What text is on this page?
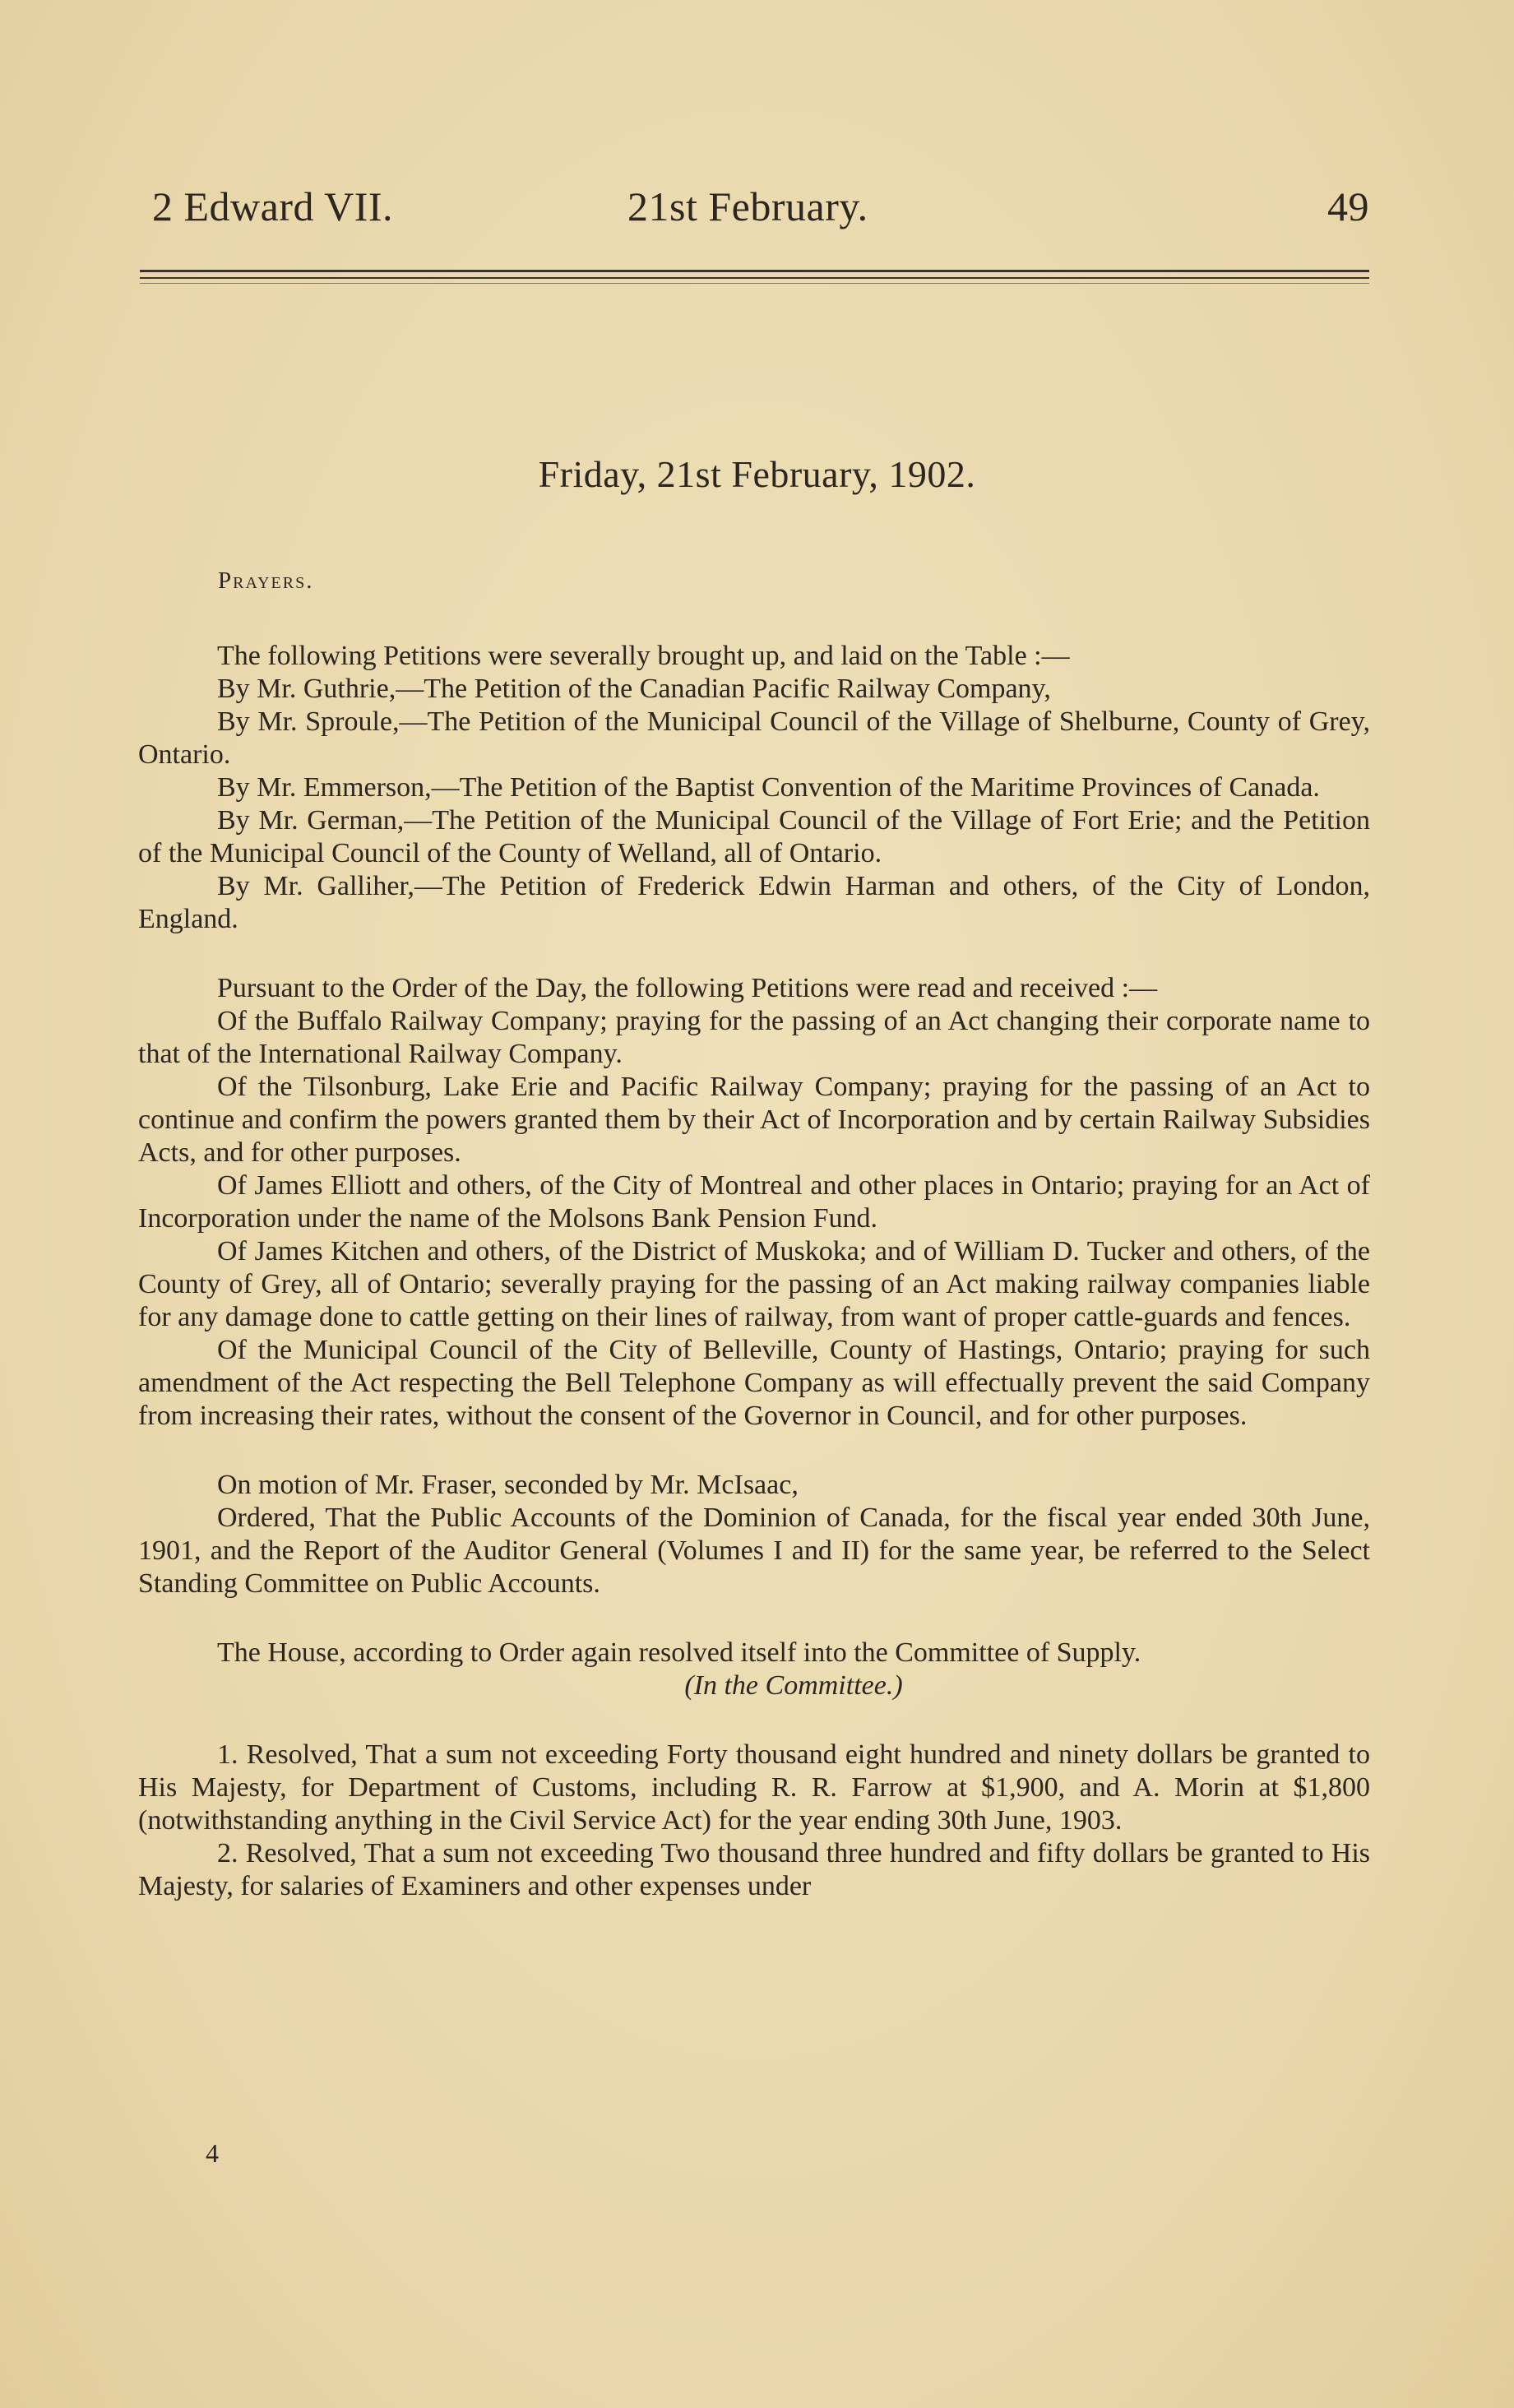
2 Edward VII.	21st February.	49
Friday, 21st February, 1902.
Prayers.

The following Petitions were severally brought up, and laid on the Table :—

By Mr. Guthrie,—The Petition of the Canadian Pacific Railway Company,

By Mr. Sproule,—The Petition of the Municipal Council of the Village of Shelburne, County of Grey, Ontario.

By Mr. Emmerson,—The Petition of the Baptist Convention of the Maritime Provinces of Canada.

By Mr. German,—The Petition of the Municipal Council of the Village of Fort Erie; and the Petition of the Municipal Council of the County of Welland, all of Ontario.

By Mr. Galliher,—The Petition of Frederick Edwin Harman and others, of the City of London, England.

Pursuant to the Order of the Day, the following Petitions were read and received :—

Of the Buffalo Railway Company; praying for the passing of an Act changing their corporate name to that of the International Railway Company.

Of the Tilsonburg, Lake Erie and Pacific Railway Company; praying for the passing of an Act to continue and confirm the powers granted them by their Act of Incorporation and by certain Railway Subsidies Acts, and for other purposes.

Of James Elliott and others, of the City of Montreal and other places in Ontario; praying for an Act of Incorporation under the name of the Molsons Bank Pension Fund.

Of James Kitchen and others, of the District of Muskoka; and of William D. Tucker and others, of the County of Grey, all of Ontario; severally praying for the passing of an Act making railway companies liable for any damage done to cattle getting on their lines of railway, from want of proper cattle-guards and fences.

Of the Municipal Council of the City of Belleville, County of Hastings, Ontario; praying for such amendment of the Act respecting the Bell Telephone Company as will effectually prevent the said Company from increasing their rates, without the consent of the Governor in Council, and for other purposes.

On motion of Mr. Fraser, seconded by Mr. McIsaac,

Ordered, That the Public Accounts of the Dominion of Canada, for the fiscal year ended 30th June, 1901, and the Report of the Auditor General (Volumes I and II) for the same year, be referred to the Select Standing Committee on Public Accounts.

The House, according to Order again resolved itself into the Committee of Supply.

(In the Committee.)

1. Resolved, That a sum not exceeding Forty thousand eight hundred and ninety dollars be granted to His Majesty, for Department of Customs, including R. R. Farrow at $1,900, and A. Morin at $1,800 (notwithstanding anything in the Civil Service Act) for the year ending 30th June, 1903.

2. Resolved, That a sum not exceeding Two thousand three hundred and fifty dollars be granted to His Majesty, for salaries of Examiners and other expenses under

4
